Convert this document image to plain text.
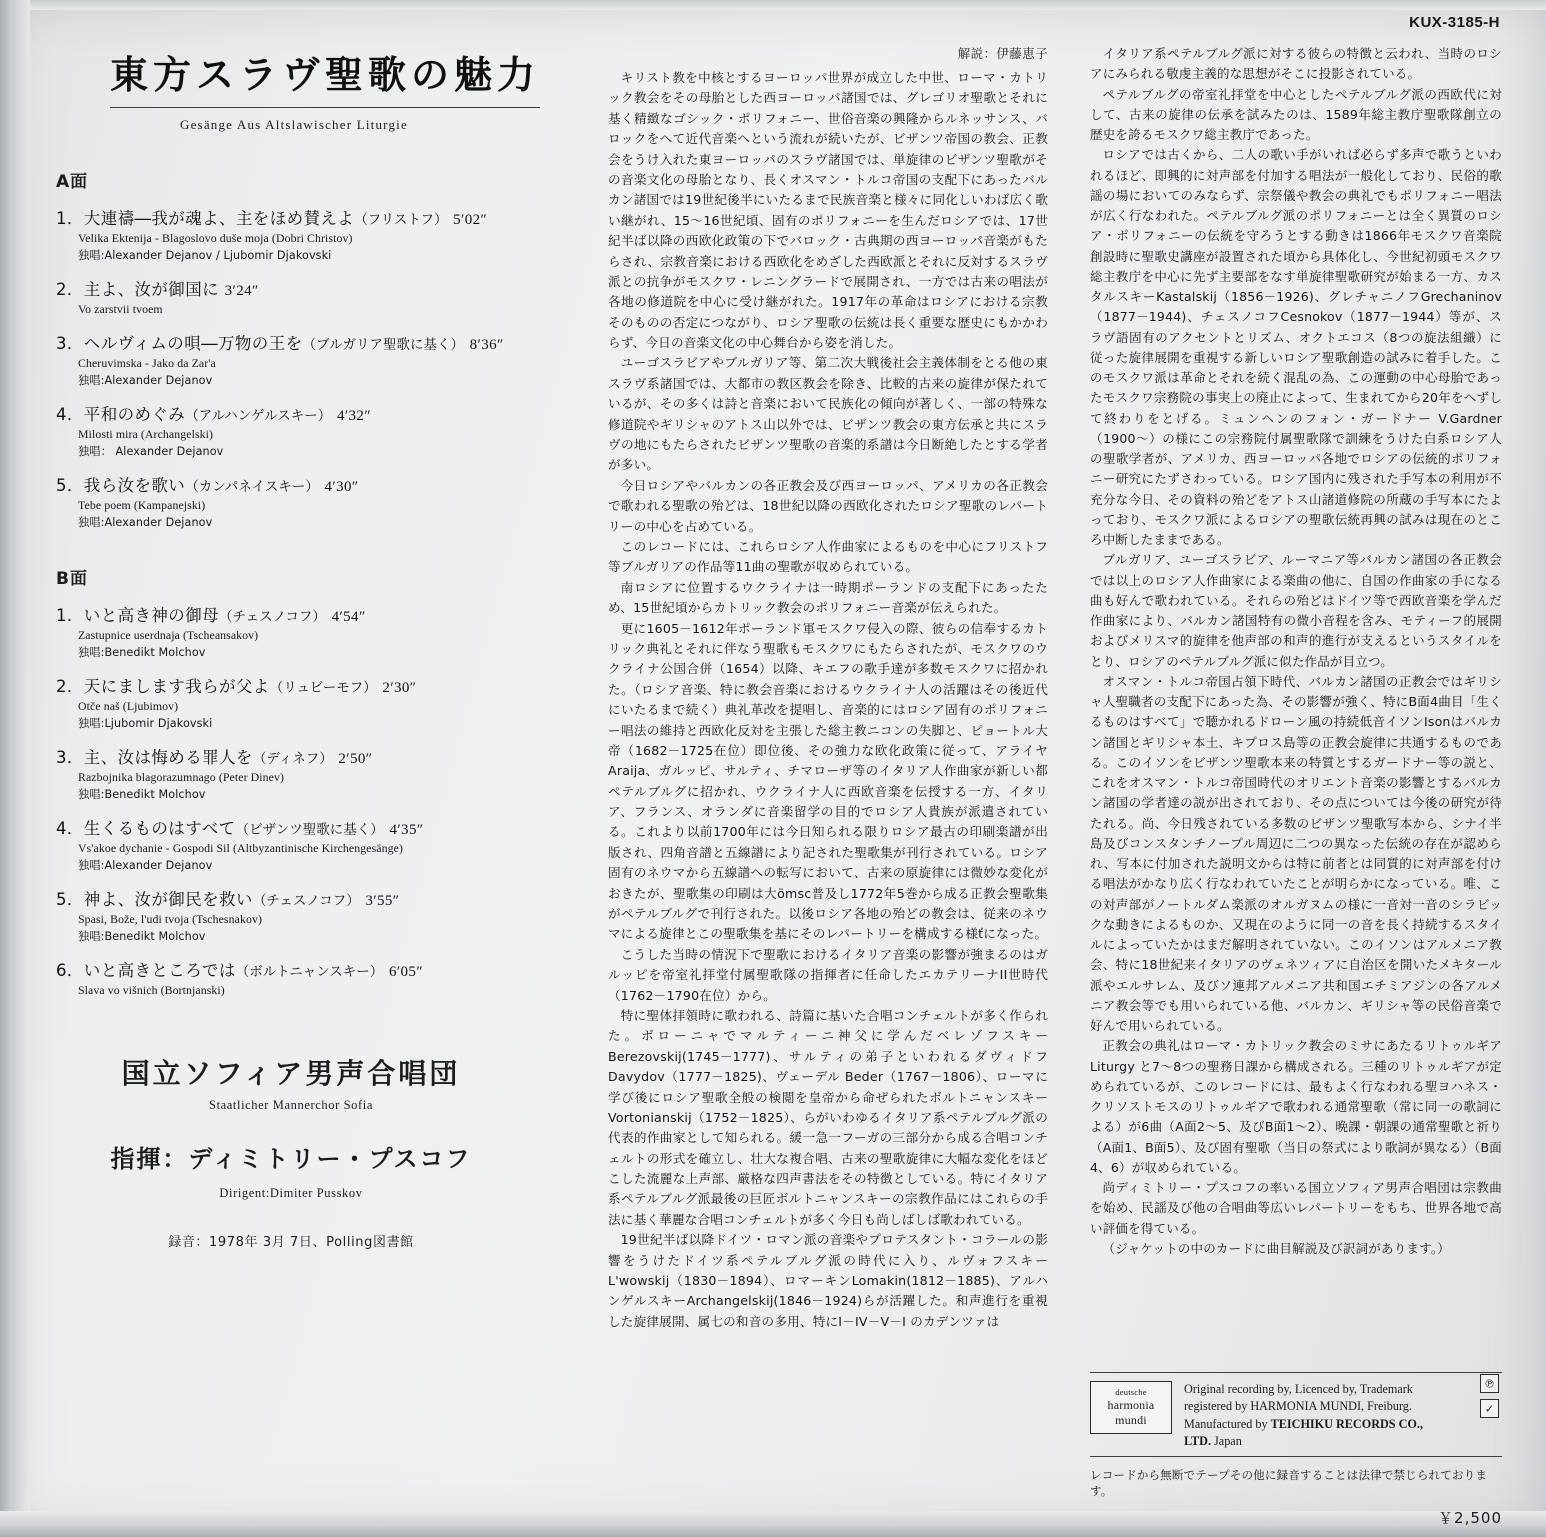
KUX-3185-H
東方スラヴ聖歌の魅力
Gesänge Aus Altslawischer Liturgie
A面
1．大連禱―我が魂よ、主をほめ賛えよ（フリストフ） 5′02″
Velika Ektenija - Blagoslovo duše moja (Dobri Christov)
独唱:Alexander Dejanov / Ljubomir Djakovski
2．主よ、汝が御国に 3′24″
Vo zarstvii tvoem
3．ヘルヴィムの唄―万物の王を（ブルガリア聖歌に基く） 8′36″
Cheruvimska - Jako da Zar'a
独唱:Alexander Dejanov
4．平和のめぐみ（アルハンゲルスキー） 4′32″
Milosti mira (Archangelski)
独唱： Alexander Dejanov
5．我ら汝を歌い（カンパネイスキー） 4′30″
Tebe poem (Kampanejski)
独唱:Alexander Dejanov
B面
1．いと高き神の御母（チェスノコフ） 4′54″
Zastupnice userdnaja (Tscheansakov)
独唱:Benedikt Molchov
2．天にまします我らが父よ（リュビーモフ） 2′30″
Otče naš (Ljubimov)
独唱:Ljubomir Djakovski
3．主、汝は悔める罪人を（ディネフ） 2′50″
Razbojnika blagorazumnago (Peter Dinev)
独唱:Benedikt Molchov
4．生くるものはすべて（ビザンツ聖歌に基く） 4′35″
Vs'akoe dychanie - Gospodi Sil (Altbyzantinische Kirchengesänge)
独唱:Alexander Dejanov
5．神よ、汝が御民を救い（チェスノコフ） 3′55″
Spasi, Bože, l'udi tvoja (Tschesnakov)
独唱:Benedikt Molchov
6．いと高きところでは（ボルトニャンスキー） 6′05″
Slava vo višnich (Bortnjanski)
国立ソフィア男声合唱団
Staatlicher Mannerchor Sofia
指揮：ディミトリー・プスコフ
Dirigent:Dimiter Pusskov
録音：1978年 3月 7日、Polling図書館
解説：伊藤恵子

キリスト教を中核とするヨーロッパ世界が成立した中世、ローマ・カトリック教会をその母胎とした西ヨーロッパ諸国では、グレゴリオ聖歌とそれに基く精緻なゴシック・ポリフォニー、世俗音楽の興隆からルネッサンス、バロックをへて近代音楽へという流れが続いたが、ビザンツ帝国の教会、正教会をうけ入れた東ヨーロッパのスラヴ諸国では、単旋律のビザンツ聖歌がその音楽文化の母胎となり、長くオスマン・トルコ帝国の支配下にあったバルカン諸国では19世紀後半にいたるまで民族音楽と様々に同化しいわば広く歌い継がれ、15～16世紀頃、固有のポリフォニーを生んだロシアでは、17世紀半ば以降の西欧化政策の下でバロック・古典期の西ヨーロッパ音楽がもたらされ、宗教音楽における西欧化をめざした西欧派とそれに反対するスラヴ派との抗争がモスクワ・レニングラードで展開され、一方では古来の唱法が各地の修道院を中心に受け継がれた。1917年の革命はロシアにおける宗教そのものの否定につながり、ロシア聖歌の伝統は長く重要な歴史にもかかわらず、今日の音楽文化の中心舞台から姿を消した。

ユーゴスラビアやブルガリア等、第二次大戦後社会主義体制をとる他の東スラヴ系諸国では、大都市の教区教会を除き、比較的古来の旋律が保たれているが、その多くは詩と音楽において民族化の傾向が著しく、一部の特殊な修道院やギリシャのアトス山以外では、ビザンツ教会の東方伝承と共にスラヴの地にもたらされたビザンツ聖歌の音楽的系譜は今日断絶したとする学者が多い。

今日ロシアやバルカンの各正教会及び西ヨーロッパ、アメリカの各正教会で歌われる聖歌の殆どは、18世紀以降の西欧化されたロシア聖歌のレパートリーの中心を占めている。

このレコードには、これらロシア人作曲家によるものを中心にフリストフ等ブルガリアの作品等11曲の聖歌が収められている。

南ロシアに位置するウクライナは一時期ポーランドの支配下にあったため、15世紀頃からカトリック教会のポリフォニー音楽が伝えられた。

更に1605－1612年ポーランド軍モスクワ侵入の際、彼らの信奉するカトリック典礼とそれに伴なう聖歌もモスクワにもたらされたが、モスクワのウクライナ公国合併（1654）以降、キエフの歌手達が多数モスクワに招かれた。（ロシア音楽、特に教会音楽におけるウクライナ人の活躍はその後近代にいたるまで続く）典礼革改を提唱し、音楽的にはロシア固有のポリフォニー唱法の維持と西欧化反対を主張した総主教ニコンの失脚と、ピョートル大帝（1682－1725在位）即位後、その強力な欧化政策に従って、アライヤAraija、ガルッピ、サルティ、チマローザ等のイタリア人作曲家が新しい都ペテルブルグに招かれ、ウクライナ人に西欧音楽を伝授する一方、イタリア、フランス、オランダに音楽留学の目的でロシア人貴族が派遣されている。これより以前1700年には今日知られる限りロシア最古の印刷楽譜が出版され、四角音譜と五線譜により記された聖歌集が刊行されている。ロシア固有のネウマから五線譜への転写において、古来の原旋律には微妙な変化がおきたが、聖歌集の印刷は大ömsc普及し1772年5巻から成る正教会聖歌集がペテルブルグで刊行された。以後ロシア各地の殆どの教会は、従来のネウマによる旋律とこの聖歌集を基にそのレパートリーを構成する様ťになった。

こうした当時の情況下で聖歌におけるイタリア音楽の影響が強まるのはガルッピを帝室礼拝堂付属聖歌隊の指揮者に任命したエカテリーナII世時代（1762－1790在位）から。

特に聖体拝領時に歌われる、詩篇に基いた合唱コンチェルトが多く作られた。ボローニャでマルティーニ神父に学んだベレゾフスキーBerezovskij(1745－1777)、サルティの弟子といわれるダヴィドフDavydov（1777－1825)、ヴェーデル Beder（1767－1806）、ローマに学び後にロシア聖歌全般の検閲を皇帝から命ぜられたボルトニャンスキーVortonianskij（1752－1825）、らがいわゆるイタリア系ペテルブルグ派の代表的作曲家として知られる。緩一急一フーガの三部分から成る合唱コンチェルトの形式を確立し、壮大な複合唱、古来の聖歌旋律に大幅な変化をほどこした流麗な上声部、厳格な四声書法をその特徴としている。特にイタリア系ペテルブルグ派最後の巨匠ボルトニャンスキーの宗教作品にはこれらの手法に基く華麗な合唱コンチェルトが多く今日も尚しばしば歌われている。

19世紀半ば以降ドイツ・ロマン派の音楽やプロテスタント・コラールの影響をうけたドイツ系ペテルブルグ派の時代に入り、ルヴォフスキーL'wowskij（1830－1894）、ロマーキンLomakin(1812－1885)、アルハンゲルスキーArchangelskij(1846－1924)らが活躍した。和声進行を重視した旋律展開、属七の和音の多用、特にI－IV－V－I のカデンツァは

イタリア系ペテルブルグ派に対する彼らの特徴と云われ、当時のロシアにみられる敬虔主義的な思想がそこに投影されている。

ペテルブルグの帝室礼拝堂を中心としたペテルブルグ派の西欧代に対して、古来の旋律の伝承を試みたのは、1589年総主教庁聖歌隊創立の歴史を誇るモスクワ総主教庁であった。

ロシアでは古くから、二人の歌い手がいれば必らず多声で歌うといわれるほど、即興的に対声部を付加する唱法が一般化しており、民俗的歌謡の場においてのみならず、宗祭儀や教会の典礼でもポリフォニー唱法が広く行なわれた。ペテルブルグ派のポリフォニーとは全く異質のロシア・ポリフォニーの伝統を守ろうとする動きは1866年モスクワ音楽院創設時に聖歌史講座が設置された頃から具体化し、今世紀初頭モスクワ総主教庁を中心に先ず主要部をなす単旋律聖歌研究が始まる一方、カスタルスキーKastalskij（1856－1926)、グレチャニノフGrechaninov（1877－1944)、チェスノコフCesnokov（1877－1944）等が、スラヴ語固有のアクセントとリズム、オクトエコス（8つの旋法組織）に従った旋律展開を重視する新しいロシア聖歌創造の試みに着手した。このモスクワ派は革命とそれを続く混乱の為、この運動の中心母胎であったモスクワ宗務院の事実上の廃止によって、生まれてから20年をへずして終わりをとげる。ミュンヘンのフォン・ガードナー V.Gardner（1900～）の様にこの宗務院付属聖歌隊で訓練をうけた白系ロシア人の聖歌学者が、アメリカ、西ヨーロッパ各地でロシアの伝統的ポリフォニー研究にたずさわっている。ロシア国内に残された手写本の利用が不充分な今日、その資料の殆どをアトス山諸道修院の所蔵の手写本にたよっており、モスクワ派によるロシアの聖歌伝統再興の試みは現在のところ中断したままである。

ブルガリア、ユーゴスラビア、ルーマニア等バルカン諸国の各正教会では以上のロシア人作曲家による楽曲の他に、自国の作曲家の手になる曲も好んで歌われている。それらの殆どはドイツ等で西欧音楽を学んだ作曲家により、バルカン諸国特有の微小音程を含み、モティーフ的展開およびメリスマ的旋律を他声部の和声的進行が支えるというスタイルをとり、ロシアのペテルブルグ派に似た作品が目立つ。

オスマン・トルコ帝国占領下時代、バルカン諸国の正教会ではギリシャ人聖職者の支配下にあった為、その影響が強く、特にB面4曲目「生くるものはすべて」で聴かれるドローン風の持続低音イソンIsonはバルカン諸国とギリシャ本土、キプロス島等の正教会旋律に共通するものである。このイソンをビザンツ聖歌本来の特質とするガードナー等の説と、これをオスマン・トルコ帝国時代のオリエント音楽の影響とするバルカン諸国の学者達の説が出されており、その点については今後の研究が待たれる。尚、今日残されている多数のビザンツ聖歌写本から、シナイ半島及びコンスタンチノープル周辺に二つの異なった伝統の存在が認められ、写本に付加された説明文からは特に前者とは同質的に対声部を付ける唱法がかなり広く行なわれていたことが明らかになっている。唯、この対声部がノートルダム楽派のオルガヌムの様に一音対一音のシラビックな動きによるものか、又現在のように同一の音を長く持続するスタイルによっていたかはまだ解明されていない。このイソンはアルメニア教会、特に18世紀来イタリアのヴェネツィアに自治区を開いたメキタール派やエルサレム、及びソ連邦アルメニア共和国エチミアジンの各アルメニア教会等でも用いられている他、バルカン、ギリシャ等の民俗音楽で好んで用いられている。

正教会の典礼はローマ・カトリック教会のミサにあたるリトゥルギアLiturgy と7～8つの聖務日課から構成される。三種のリトゥルギアが定められているが、このレコードには、最もよく行なわれる聖ヨハネス・クリソストモスのリトゥルギアで歌われる通常聖歌（常に同一の歌詞による）が6曲（A面2～5、及びB面1～2）、晩課・朝課の通常聖歌と祈り（A面1、B面5）、及び固有聖歌（当日の祭式により歌詞が異なる）（B面4、6）が収められている。

尚ディミトリー・プスコフの率いる国立ソフィア男声合唱団は宗教曲を始め、民謡及び他の合唱曲等広いレパートリーをもち、世界各地で高い評価を得ている。

（ジャケットの中のカードに曲目解説及び訳詞があります。）

deutsche
harmonia
mundi
Original recording by, Licenced by, Trademark
registered by HARMONIA MUNDI, Freiburg.
Manufactured by TEICHIKU RECORDS CO.,
LTD. Japan
℗
✓
レコードから無断でテープその他に録音することは法律で禁じられております。
￥2,500
